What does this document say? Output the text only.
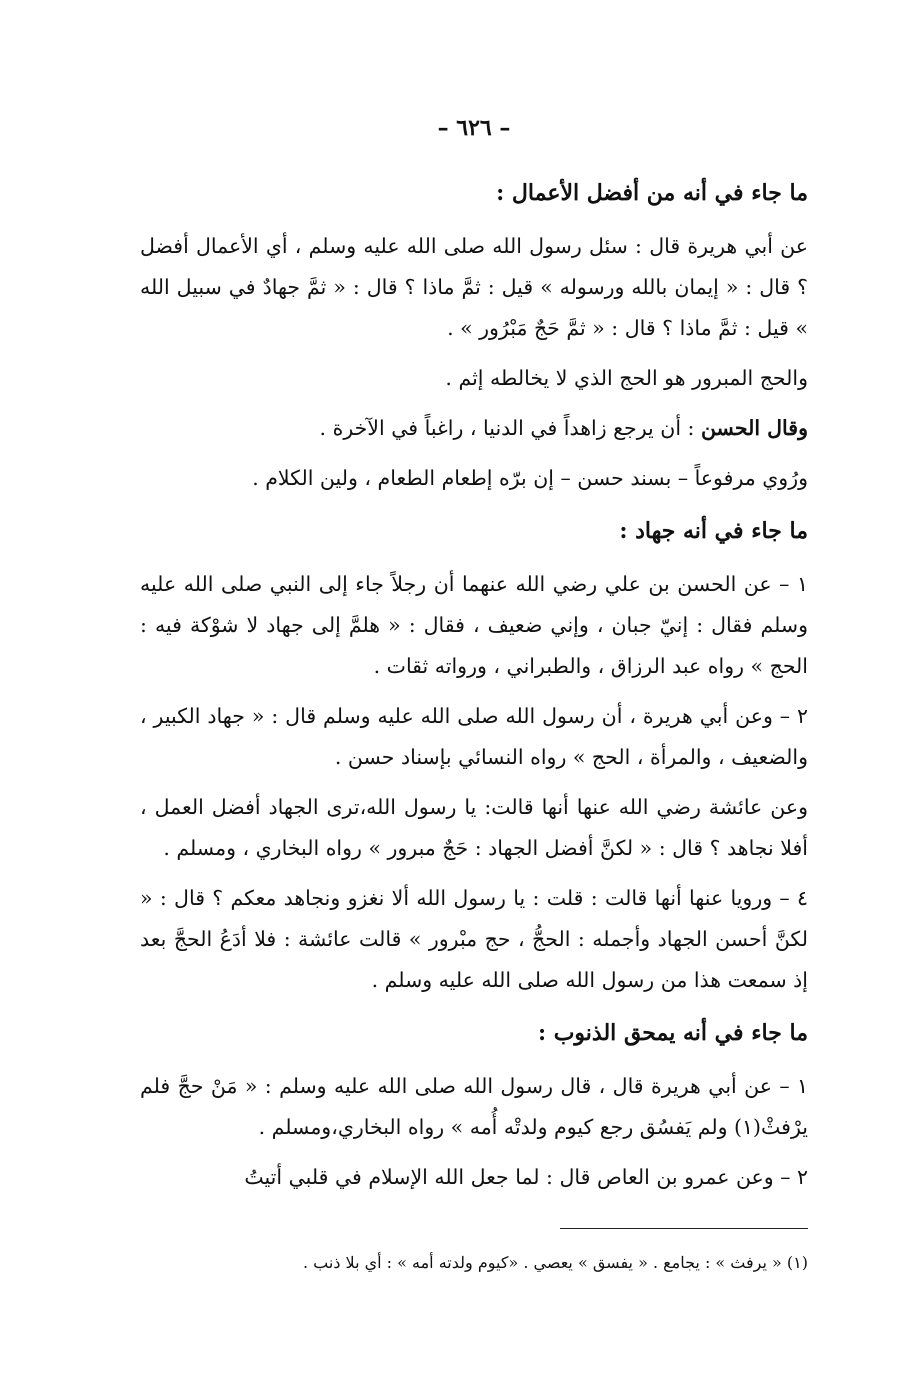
– ٦٢٦ –
ما جاء في أنه من أفضل الأعمال :

عن أبي هريرة قال : سئل رسول الله صلى الله عليه وسلم ، أي الأعمال أفضل ؟ قال : « إيمان بالله ورسوله » قيل : ثمَّ ماذا ؟ قال : « ثمَّ جهادٌ في سبيل الله » قيل : ثمَّ ماذا ؟ قال : « ثمَّ حَجٌ مَبْرُور » .

والحج المبرور هو الحج الذي لا يخالطه إثم .

وقال الحسن : أن يرجع زاهداً في الدنيا ، راغباً في الآخرة .

ورُوي مرفوعاً – بسند حسن – إن برّه إطعام الطعام ، ولين الكلام .

ما جاء في أنه جهاد :

١ – عن الحسن بن علي رضي الله عنهما أن رجلاً جاء إلى النبي صلى الله عليه وسلم فقال : إنيّ جبان ، وإني ضعيف ، فقال : « هلمَّ إلى جهاد لا شوْكة فيه : الحج » رواه عبد الرزاق ، والطبراني ، ورواته ثقات .

٢ – وعن أبي هريرة ، أن رسول الله صلى الله عليه وسلم قال : « جهاد الكبير ، والضعيف ، والمرأة ، الحج » رواه النسائي بإسناد حسن .

وعن عائشة رضي الله عنها أنها قالت: يا رسول الله،ترى الجهاد أفضل العمل ، أفلا نجاهد ؟ قال : « لكنَّ أفضل الجهاد : حَجٌ مبرور » رواه البخاري ، ومسلم .

٤ – ورويا عنها أنها قالت : قلت : يا رسول الله ألا نغزو ونجاهد معكم ؟ قال : « لكنَّ أحسن الجهاد وأجمله : الحجُّ ، حج مبْرور » قالت عائشة : فلا أدَعُ الحجَّ بعد إذ سمعت هذا من رسول الله صلى الله عليه وسلم .

ما جاء في أنه يمحق الذنوب :

١ – عن أبي هريرة قال ، قال رسول الله صلى الله عليه وسلم : « مَنْ حجَّ فلم يرْفثْ(١) ولم يَفسُق رجع كيوم ولدتْه أُمه » رواه البخاري،ومسلم .

٢ – وعن عمرو بن العاص قال : لما جعل الله الإسلام في قلبي أتيتُ

(١) « يرفث » : يجامع . « يفسق » يعصي . «كيوم ولدته أمه » : أي بلا ذنب .
